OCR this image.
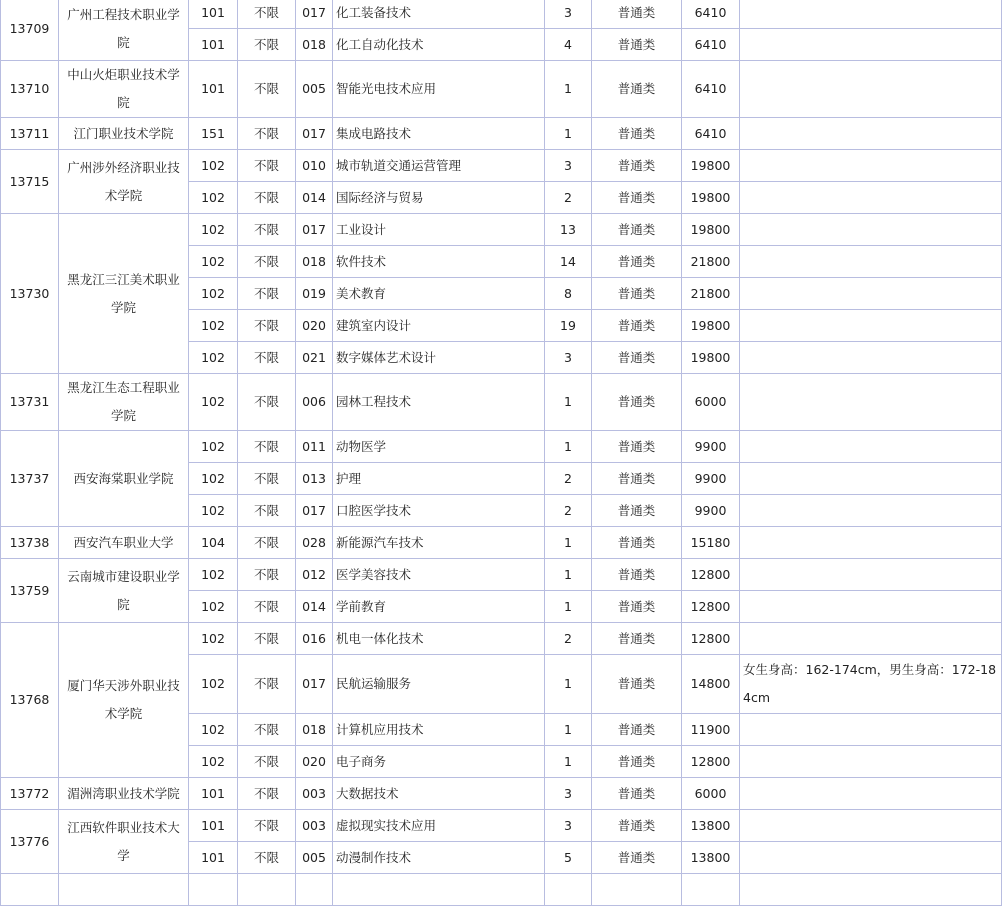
13709	广州工程技术职业学院	101	不限	017	化工装备技术	3	普通类	6410	
		101	不限	018	化工自动化技术	4	普通类	6410	
13710	中山火炬职业技术学院	101	不限	005	智能光电技术应用	1	普通类	6410	
13711	江门职业技术学院	151	不限	017	集成电路技术	1	普通类	6410	
13715	广州涉外经济职业技术学院	102	不限	010	城市轨道交通运营管理	3	普通类	19800	
		102	不限	014	国际经济与贸易	2	普通类	19800	
13730	黑龙江三江美术职业学院	102	不限	017	工业设计	13	普通类	19800	
		102	不限	018	软件技术	14	普通类	21800	
		102	不限	019	美术教育	8	普通类	21800	
		102	不限	020	建筑室内设计	19	普通类	19800	
		102	不限	021	数字媒体艺术设计	3	普通类	19800	
13731	黑龙江生态工程职业学院	102	不限	006	园林工程技术	1	普通类	6000	
13737	西安海棠职业学院	102	不限	011	动物医学	1	普通类	9900	
		102	不限	013	护理	2	普通类	9900	
		102	不限	017	口腔医学技术	2	普通类	9900	
13738	西安汽车职业大学	104	不限	028	新能源汽车技术	1	普通类	15180	
13759	云南城市建设职业学院	102	不限	012	医学美容技术	1	普通类	12800	
		102	不限	014	学前教育	1	普通类	12800	
13768	厦门华天涉外职业技术学院	102	不限	016	机电一体化技术	2	普通类	12800	
		102	不限	017	民航运输服务	1	普通类	14800	女生身高：162-174cm，男生身高：172-184cm
		102	不限	018	计算机应用技术	1	普通类	11900	
		102	不限	020	电子商务	1	普通类	12800	
13772	湄洲湾职业技术学院	101	不限	003	大数据技术	3	普通类	6000	
13776	江西软件职业技术大学	101	不限	003	虚拟现实技术应用	3	普通类	13800	
		101	不限	005	动漫制作技术	5	普通类	13800	
